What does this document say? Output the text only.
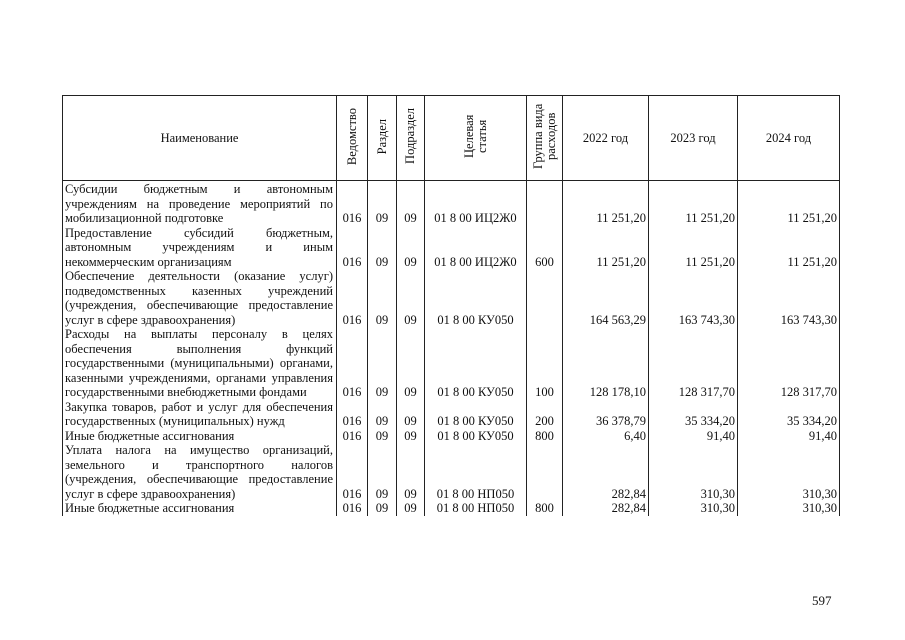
Наименование	Ведомство	Раздел	Подраздел	Целевая статья	Группа вида расходов	2022 год	2023 год	2024 год
Субсидии бюджетным и автономным учреждениям на проведение мероприятий по мобилизационной подготовке	016	09	09	01 8 00 ИЦ2Ж0		11 251,20	11 251,20	11 251,20
Предоставление субсидий бюджетным, автономным учреждениям и иным некоммерческим организациям	016	09	09	01 8 00 ИЦ2Ж0	600	11 251,20	11 251,20	11 251,20
Обеспечение деятельности (оказание услуг) подведомственных казенных учреждений (учреждения, обеспечивающие предоставление услуг в сфере здравоохранения)	016	09	09	01 8 00 КУ050		164 563,29	163 743,30	163 743,30
Расходы на выплаты персоналу в целях обеспечения выполнения функций государственными (муниципальными) органами, казенными учреждениями, органами управления государственными внебюджетными фондами	016	09	09	01 8 00 КУ050	100	128 178,10	128 317,70	128 317,70
Закупка товаров, работ и услуг для обеспечения государственных (муниципальных) нужд	016	09	09	01 8 00 КУ050	200	36 378,79	35 334,20	35 334,20
Иные бюджетные ассигнования	016	09	09	01 8 00 КУ050	800	6,40	91,40	91,40
Уплата налога на имущество организаций, земельного и транспортного налогов (учреждения, обеспечивающие предоставление услуг в сфере здравоохранения)	016	09	09	01 8 00 НП050		282,84	310,30	310,30
Иные бюджетные ассигнования	016	09	09	01 8 00 НП050	800	282,84	310,30	310,30
597
